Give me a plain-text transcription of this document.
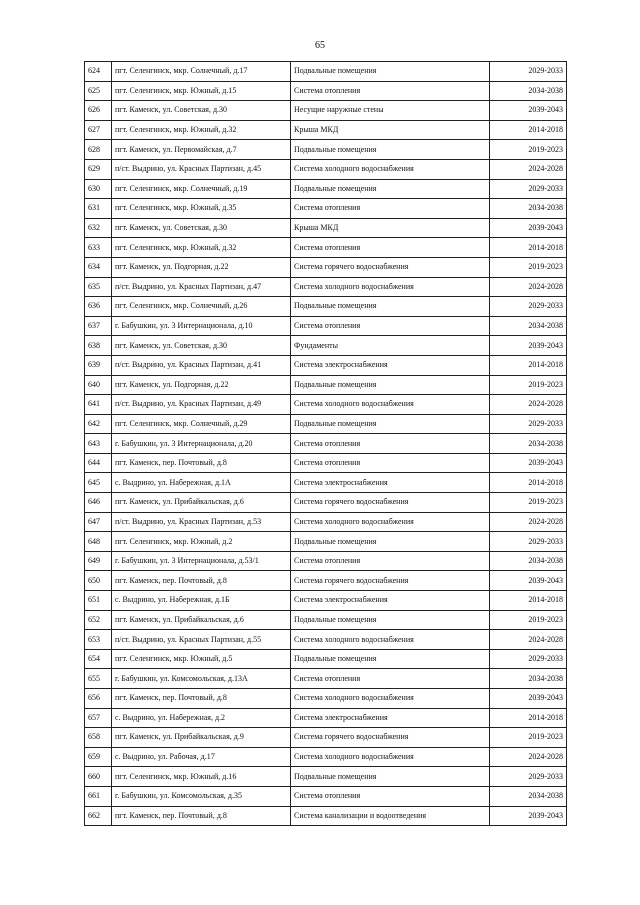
65
624	пгт. Селенгинск, мкр. Солнечный, д.17	Подвальные помещения	2029-2033
625	пгт. Селенгинск, мкр. Южный, д.15	Система отопления	2034-2038
626	пгт. Каменск, ул. Советская, д.30	Несущие наружные стены	2039-2043
627	пгт. Селенгинск, мкр. Южный, д.32	Крыша МКД	2014-2018
628	пгт. Каменск, ул. Первомайская, д.7	Подвальные помещения	2019-2023
629	п/ст. Выдрино, ул. Красных Партизан, д.45	Система холодного водоснабжения	2024-2028
630	пгт. Селенгинск, мкр. Солнечный, д.19	Подвальные помещения	2029-2033
631	пгт. Селенгинск, мкр. Южный, д.35	Система отопления	2034-2038
632	пгт. Каменск, ул. Советская, д.30	Крыша МКД	2039-2043
633	пгт. Селенгинск, мкр. Южный, д.32	Система отопления	2014-2018
634	пгт. Каменск, ул. Подгорная, д.22	Система горячего водоснабжения	2019-2023
635	п/ст. Выдрино, ул. Красных Партизан, д.47	Система холодного водоснабжения	2024-2028
636	пгт. Селенгинск, мкр. Солнечный, д.26	Подвальные помещения	2029-2033
637	г. Бабушкин, ул. 3 Интернационала, д.10	Система отопления	2034-2038
638	пгт. Каменск, ул. Советская, д.30	Фундаменты	2039-2043
639	п/ст. Выдрино, ул. Красных Партизан, д.41	Система электроснабжения	2014-2018
640	пгт. Каменск, ул. Подгорная, д.22	Подвальные помещения	2019-2023
641	п/ст. Выдрино, ул. Красных Партизан, д.49	Система холодного водоснабжения	2024-2028
642	пгт. Селенгинск, мкр. Солнечный, д.29	Подвальные помещения	2029-2033
643	г. Бабушкин, ул. 3 Интернационала, д.20	Система отопления	2034-2038
644	пгт. Каменск, пер. Почтовый, д.8	Система отопления	2039-2043
645	с. Выдрино, ул. Набережная, д.1А	Система электроснабжения	2014-2018
646	пгт. Каменск, ул. Прибайкальская, д.6	Система горячего водоснабжения	2019-2023
647	п/ст. Выдрино, ул. Красных Партизан, д.53	Система холодного водоснабжения	2024-2028
648	пгт. Селенгинск, мкр. Южный, д.2	Подвальные помещения	2029-2033
649	г. Бабушкин, ул. 3 Интернационала, д.53/1	Система отопления	2034-2038
650	пгт. Каменск, пер. Почтовый, д.8	Система горячего водоснабжения	2039-2043
651	с. Выдрино, ул. Набережная, д.1Б	Система электроснабжения	2014-2018
652	пгт. Каменск, ул. Прибайкальская, д.6	Подвальные помещения	2019-2023
653	п/ст. Выдрино, ул. Красных Партизан, д.55	Система холодного водоснабжения	2024-2028
654	пгт. Селенгинск, мкр. Южный, д.5	Подвальные помещения	2029-2033
655	г. Бабушкин, ул. Комсомольская, д.13А	Система отопления	2034-2038
656	пгт. Каменск, пер. Почтовый, д.8	Система холодного водоснабжения	2039-2043
657	с. Выдрино, ул. Набережная, д.2	Система электроснабжения	2014-2018
658	пгт. Каменск, ул. Прибайкальская, д.9	Система горячего водоснабжения	2019-2023
659	с. Выдрино, ул. Рабочая, д.17	Система холодного водоснабжения	2024-2028
660	пгт. Селенгинск, мкр. Южный, д.16	Подвальные помещения	2029-2033
661	г. Бабушкин, ул. Комсомольская, д.35	Система отопления	2034-2038
662	пгт. Каменск, пер. Почтовый, д.8	Система канализации и водоотведения	2039-2043
